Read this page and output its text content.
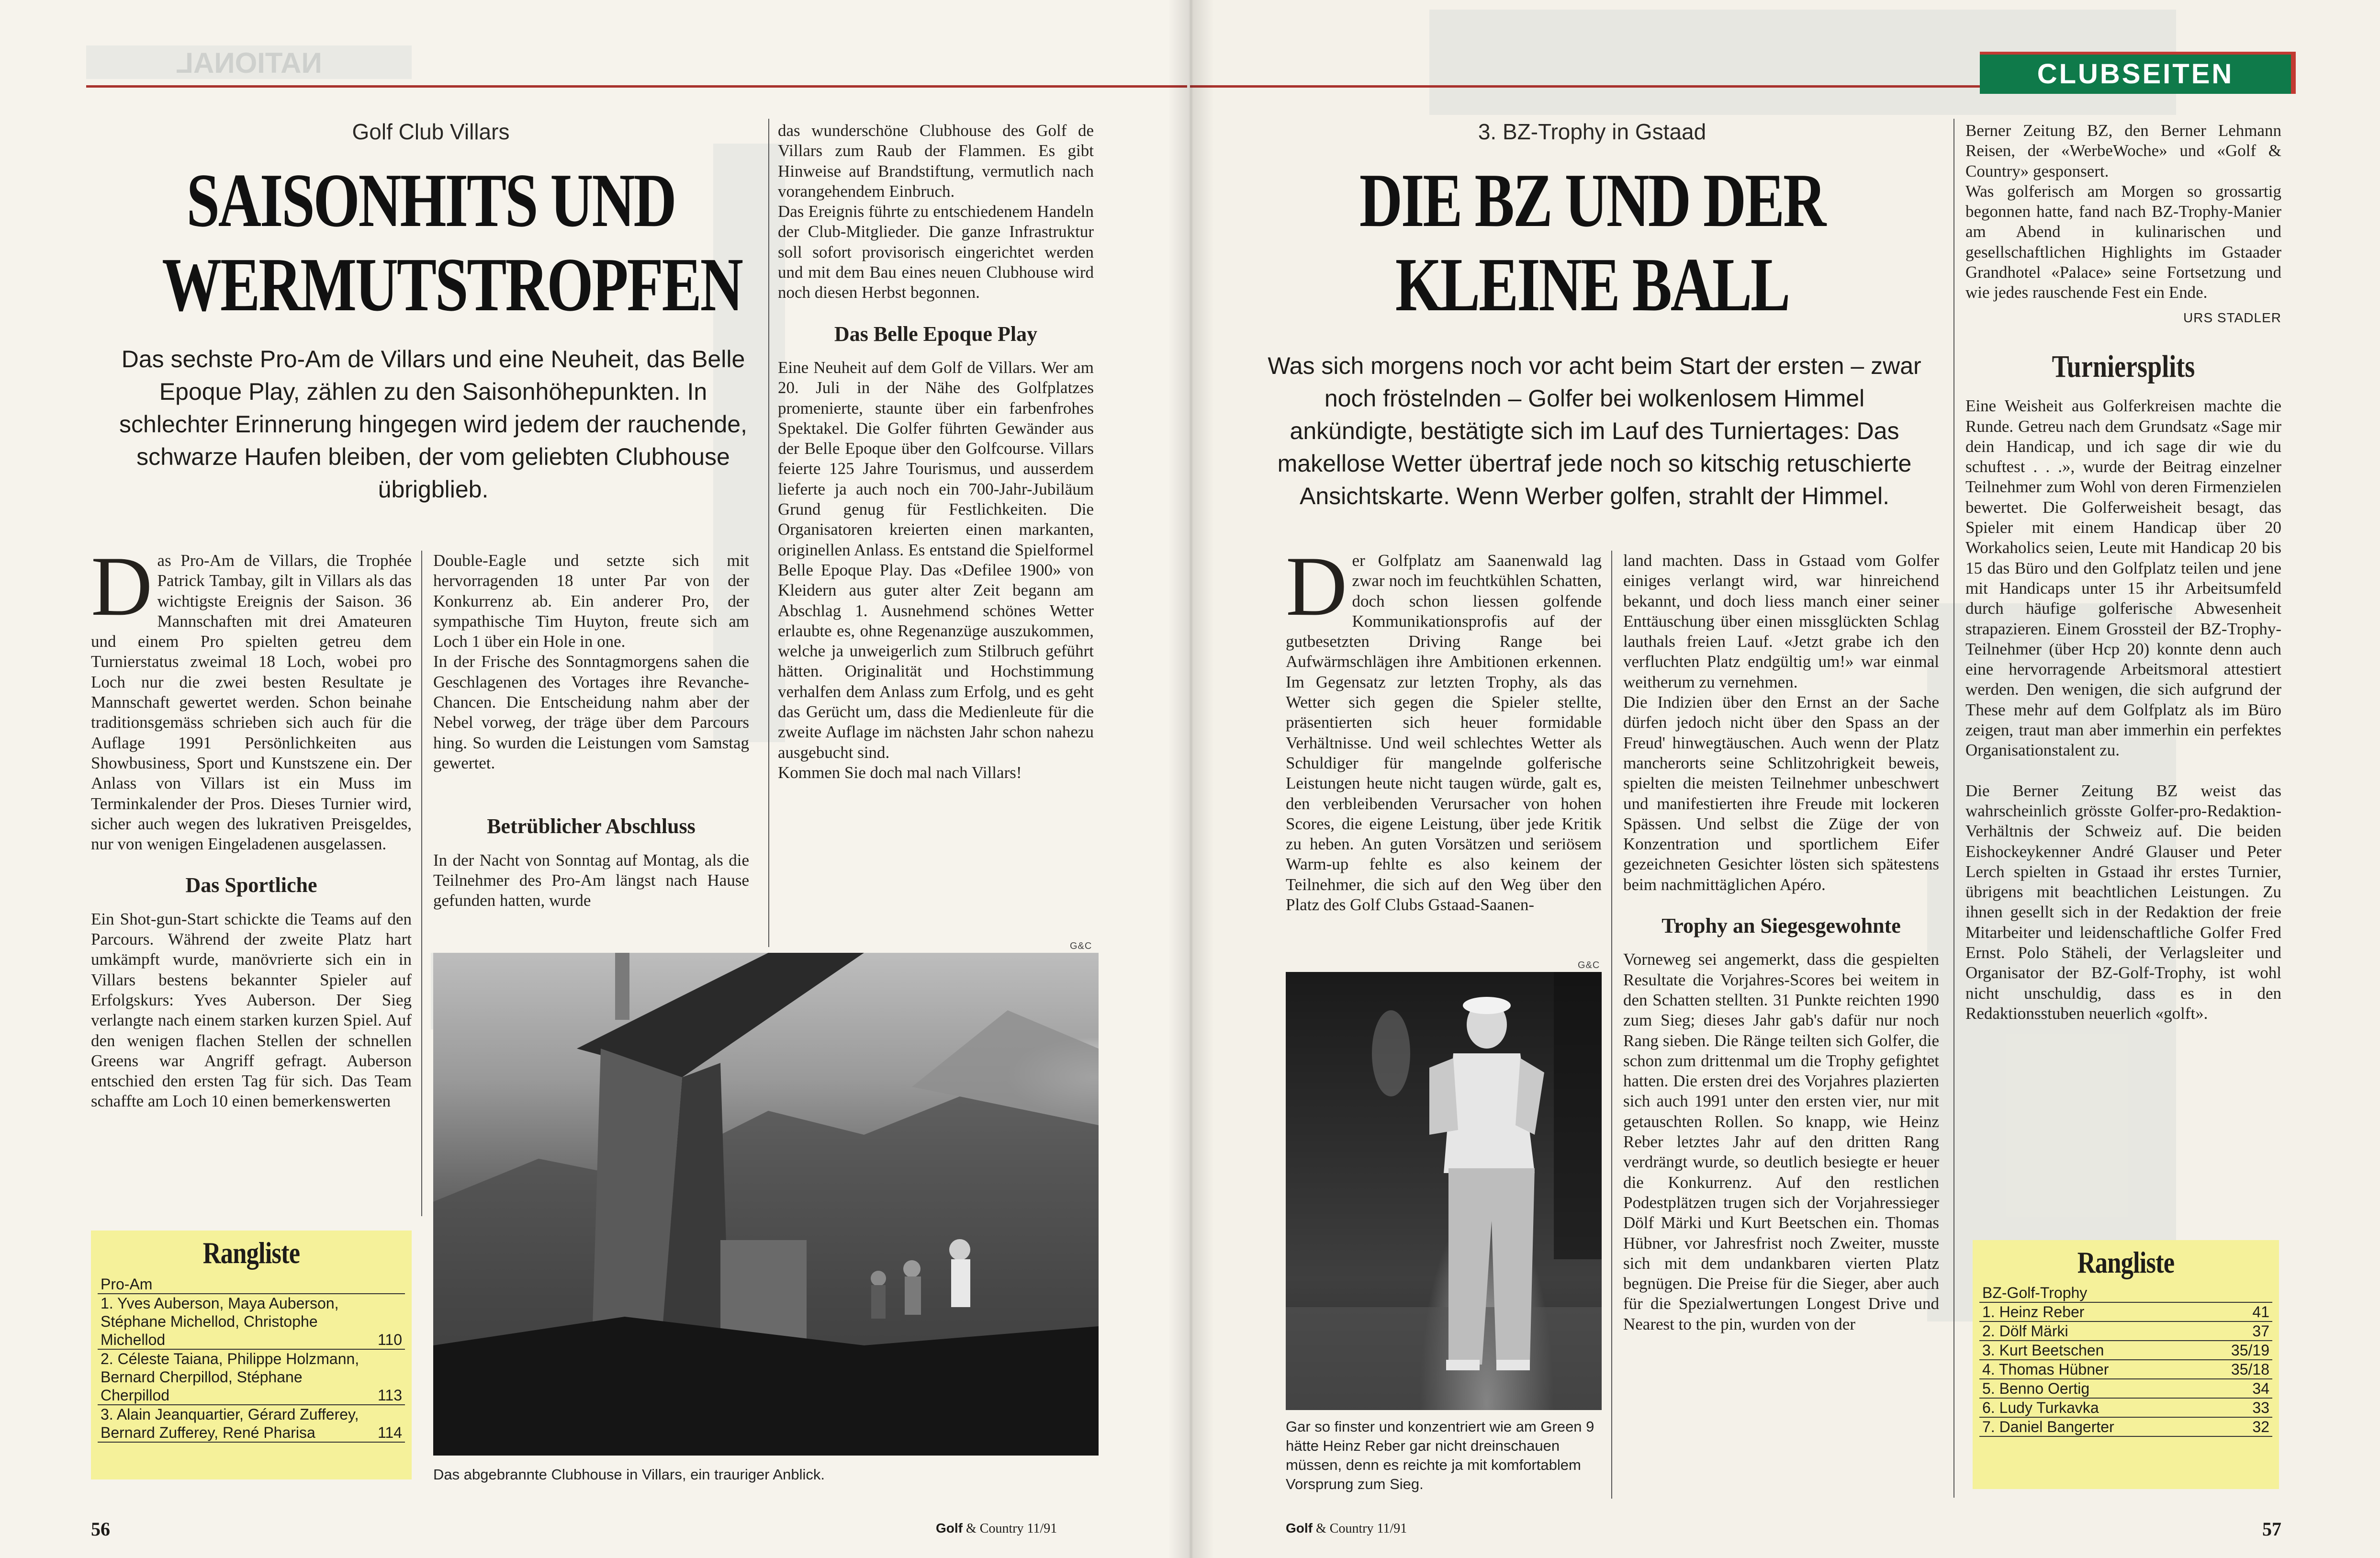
NATIONAL
Golf Club Villars
SAISONHITS UND
WERMUTSTROPFEN
Das sechste Pro-Am de Villars und eine Neuheit, das Belle Epoque Play, zählen zu den Saisonhöhepunkten. In schlechter Erinnerung hingegen wird jedem der rauchende, schwarze Haufen bleiben, der vom geliebten Clubhouse übrigblieb.

Das Pro-Am de Villars, die Trophée Patrick Tambay, gilt in Villars als das wichtigste Ereignis der Saison. 36 Mannschaften mit drei Amateuren und einem Pro spielten getreu dem Turnierstatus zweimal 18 Loch, wobei pro Loch nur die zwei besten Resultate je Mannschaft gewertet werden. Schon beinahe traditionsgemäss schrieben sich auch für die Auflage 1991 Persönlichkeiten aus Showbusiness, Sport und Kunstszene ein. Der Anlass von Villars ist ein Muss im Terminkalender der Pros. Dieses Turnier wird, sicher auch wegen des lukrativen Preisgeldes, nur von wenigen Eingeladenen ausgelassen.

Das Sportliche

Ein Shot-gun-Start schickte die Teams auf den Parcours. Während der zweite Platz hart umkämpft wurde, manövrierte sich ein in Villars bestens bekannter Spieler auf Erfolgskurs: Yves Auberson. Der Sieg verlangte nach einem starken kurzen Spiel. Auf den wenigen flachen Stellen der schnellen Greens war Angriff gefragt. Auberson entschied den ersten Tag für sich. Das Team schaffte am Loch 10 einen bemerkenswerten

Double-Eagle und setzte sich mit hervorragenden 18 unter Par von der Konkurrenz ab. Ein anderer Pro, der sympathische Tim Huyton, freute sich am Loch 1 über ein Hole in one.

In der Frische des Sonntagmorgens sahen die Geschlagenen des Vortages ihre Revanche-Chancen. Die Entscheidung nahm aber der Nebel vorweg, der träge über dem Parcours hing. So wurden die Leistungen vom Samstag gewertet.

Betrüblicher Abschluss

In der Nacht von Sonntag auf Montag, als die Teilnehmer des Pro-Am längst nach Hause gefunden hatten, wurde

das wunderschöne Clubhouse des Golf de Villars zum Raub der Flammen. Es gibt Hinweise auf Brandstiftung, vermutlich nach vorangehendem Einbruch.

Das Ereignis führte zu entschiedenem Handeln der Club-Mitglieder. Die ganze Infrastruktur soll sofort provisorisch eingerichtet werden und mit dem Bau eines neuen Clubhouse wird noch diesen Herbst begonnen.

Das Belle Epoque Play

Eine Neuheit auf dem Golf de Villars. Wer am 20. Juli in der Nähe des Golfplatzes promenierte, staunte über ein farbenfrohes Spektakel. Die Golfer führten Gewänder aus der Belle Epoque über den Golfcourse. Villars feierte 125 Jahre Tourismus, und ausserdem lieferte ja auch noch ein 700-Jahr-Jubiläum Grund genug für Festlichkeiten. Die Organisatoren kreierten einen markanten, originellen Anlass. Es entstand die Spielformel Belle Epoque Play. Das «Defilee 1900» von Kleidern aus guter alter Zeit begann am Abschlag 1. Ausnehmend schönes Wetter erlaubte es, ohne Regenanzüge auszukommen, welche ja unweigerlich zum Stilbruch geführt hätten. Originalität und Hochstimmung verhalfen dem Anlass zum Erfolg, und es geht das Gerücht um, dass die Medienleute für die zweite Auflage im nächsten Jahr schon nahezu ausgebucht sind.

Kommen Sie doch mal nach Villars!

G&C
Das abgebrannte Clubhouse in Villars, ein trauriger Anblick.
Rangliste
Pro-Am
1. Yves Auberson, Maya Auberson, Stéphane Michellod, Christophe Michellod	110
2. Céleste Taiana, Philippe Holzmann, Bernard Cherpillod, Stéphane Cherpillod	113
3. Alain Jeanquartier, Gérard Zufferey, Bernard Zufferey, René Pharisa	114
56	Golf & Country 11/91
CLUBSEITEN
3. BZ-Trophy in Gstaad
DIE BZ UND DER
KLEINE BALL
Was sich morgens noch vor acht beim Start der ersten – zwar noch fröstelnden – Golfer bei wolkenlosem Himmel ankündigte, bestätigte sich im Lauf des Turniertages: Das makellose Wetter übertraf jede noch so kitschig retuschierte Ansichtskarte. Wenn Werber golfen, strahlt der Himmel.

Der Golfplatz am Saanenwald lag zwar noch im feuchtkühlen Schatten, doch schon liessen golfende Kommunikationsprofis auf der gutbesetzten Driving Range bei Aufwärmschlägen ihre Ambitionen erkennen. Im Gegensatz zur letzten Trophy, als das Wetter sich gegen die Spieler stellte, präsentierten sich heuer formidable Verhältnisse. Und weil schlechtes Wetter als Schuldiger für mangelnde golferische Leistungen heute nicht taugen würde, galt es, den verbleibenden Verursacher von hohen Scores, die eigene Leistung, über jede Kritik zu heben. An guten Vorsätzen und seriösem Warm-up fehlte es also keinem der Teilnehmer, die sich auf den Weg über den Platz des Golf Clubs Gstaad-Saanen-

G&C
Gar so finster und konzentriert wie am Green 9 hätte Heinz Reber gar nicht dreinschauen müssen, denn es reichte ja mit komfortablem Vorsprung zum Sieg.

land machten. Dass in Gstaad vom Golfer einiges verlangt wird, war hinreichend bekannt, und doch liess manch einer seiner Enttäuschung über einen missglückten Schlag lauthals freien Lauf. «Jetzt grabe ich den verfluchten Platz endgültig um!» war einmal weitherum zu vernehmen.

Die Indizien über den Ernst an der Sache dürfen jedoch nicht über den Spass an der Freud' hinwegtäuschen. Auch wenn der Platz mancherorts seine Schlitzohrigkeit beweis, spielten die meisten Teilnehmer unbeschwert und manifestierten ihre Freude mit lockeren Spässen. Und selbst die Züge der von Konzentration und sportlichem Eifer gezeichneten Gesichter lösten sich spätestens beim nachmittäglichen Apéro.

Trophy an Siegesgewohnte

Vorneweg sei angemerkt, dass die gespielten Resultate die Vorjahres-Scores bei weitem in den Schatten stellten. 31 Punkte reichten 1990 zum Sieg; dieses Jahr gab's dafür nur noch Rang sieben. Die Ränge teilten sich Golfer, die schon zum drittenmal um die Trophy gefightet hatten. Die ersten drei des Vorjahres plazierten sich auch 1991 unter den ersten vier, nur mit getauschten Rollen. So knapp, wie Heinz Reber letztes Jahr auf den dritten Rang verdrängt wurde, so deutlich besiegte er heuer die Konkurrenz. Auf den restlichen Podestplätzen trugen sich der Vorjahressieger Dölf Märki und Kurt Beetschen ein. Thomas Hübner, vor Jahresfrist noch Zweiter, musste sich mit dem undankbaren vierten Platz begnügen. Die Preise für die Sieger, aber auch für die Spezialwertungen Longest Drive und Nearest to the pin, wurden von der

Berner Zeitung BZ, den Berner Lehmann Reisen, der «WerbeWoche» und «Golf & Country» gesponsert.

Was golferisch am Morgen so grossartig begonnen hatte, fand nach BZ-Trophy-Manier am Abend in kulinarischen und gesellschaftlichen Highlights im Gstaader Grandhotel «Palace» seine Fortsetzung und wie jedes rauschende Fest ein Ende.

URS STADLER
Turniersplits

Eine Weisheit aus Golferkreisen machte die Runde. Getreu nach dem Grundsatz «Sage mir dein Handicap, und ich sage dir wie du schuftest . . .», wurde der Beitrag einzelner Teilnehmer zum Wohl von deren Firmenzielen bewertet. Die Golferweisheit besagt, das Spieler mit einem Handicap über 20 Workaholics seien, Leute mit Handicap 20 bis 15 das Büro und den Golfplatz teilen und jene mit Handicaps unter 15 ihr Arbeitsumfeld durch häufige golferische Abwesenheit strapazieren. Einem Grossteil der BZ-Trophy-Teilnehmer (über Hcp 20) konnte denn auch eine hervorragende Arbeitsmoral attestiert werden. Den wenigen, die sich aufgrund der These mehr auf dem Golfplatz als im Büro zeigen, traut man aber immerhin ein perfektes Organisationstalent zu.

Die Berner Zeitung BZ weist das wahrscheinlich grösste Golfer-pro-Redaktion-Verhältnis der Schweiz auf. Die beiden Eishockeykenner André Glauser und Peter Lerch spielten in Gstaad ihr erstes Turnier, übrigens mit beachtlichen Leistungen. Zu ihnen gesellt sich in der Redaktion der freie Mitarbeiter und leidenschaftliche Golfer Fred Ernst. Polo Stäheli, der Verlagsleiter und Organisator der BZ-Golf-Trophy, ist wohl nicht unschuldig, dass es in den Redaktionsstuben neuerlich «golft».

Rangliste
BZ-Golf-Trophy
1. Heinz Reber	41
2. Dölf Märki	37
3. Kurt Beetschen	35/19
4. Thomas Hübner	35/18
5. Benno Oertig	34
6. Ludy Turkavka	33
7. Daniel Bangerter	32
Golf & Country 11/91	57
